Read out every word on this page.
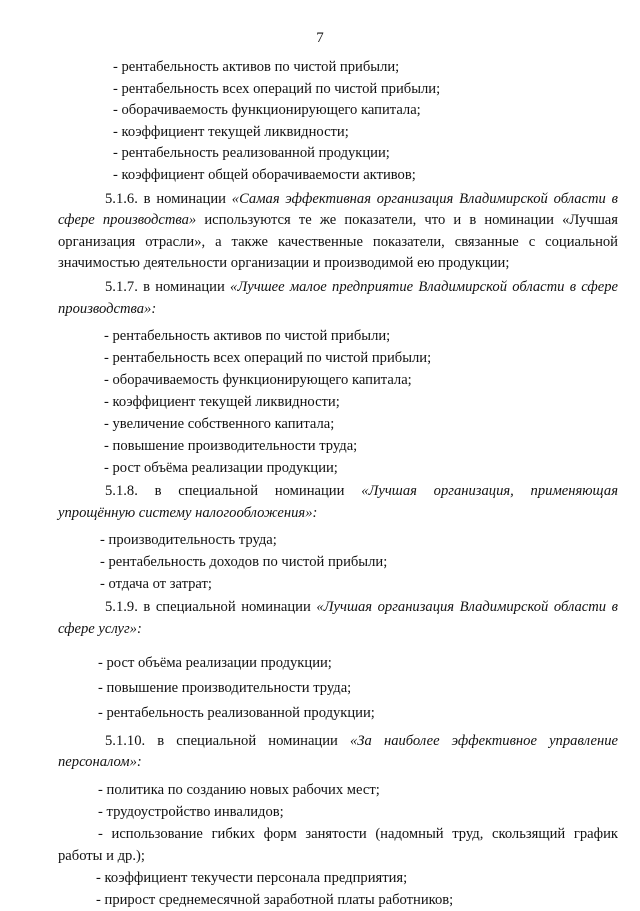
7

- рентабельность активов по чистой прибыли;

- рентабельность всех операций по чистой прибыли;

- оборачиваемость функционирующего капитала;

- коэффициент текущей ликвидности;

- рентабельность реализованной продукции;

- коэффициент общей оборачиваемости активов;

5.1.6. в номинации «Самая эффективная организация Владимирской области в сфере производства» используются те же показатели, что и в номинации «Лучшая организация отрасли», а также качественные показатели, связанные с социальной значимостью деятельности организации и производимой ею продукции;

5.1.7. в номинации «Лучшее малое предприятие Владимирской области в сфере производства»:

- рентабельность активов по чистой прибыли;

- рентабельность всех операций по чистой прибыли;

- оборачиваемость функционирующего капитала;

- коэффициент текущей ликвидности;

- увеличение собственного капитала;

- повышение производительности труда;

- рост объёма реализации продукции;

5.1.8. в специальной номинации «Лучшая организация, применяющая упрощённую систему налогообложения»:

- производительность труда;

- рентабельность доходов по чистой прибыли;

- отдача от затрат;

5.1.9. в специальной номинации «Лучшая организация Владимирской области в сфере услуг»:

- рост объёма реализации продукции;

- повышение производительности труда;

- рентабельность реализованной продукции;

5.1.10. в специальной номинации «За наиболее эффективное управление персоналом»:

- политика по созданию новых рабочих мест;

- трудоустройство инвалидов;

- использование гибких форм занятости (надомный труд, скользящий график работы и др.);

- коэффициент текучести персонала предприятия;

- прирост среднемесячной заработной платы работников;
